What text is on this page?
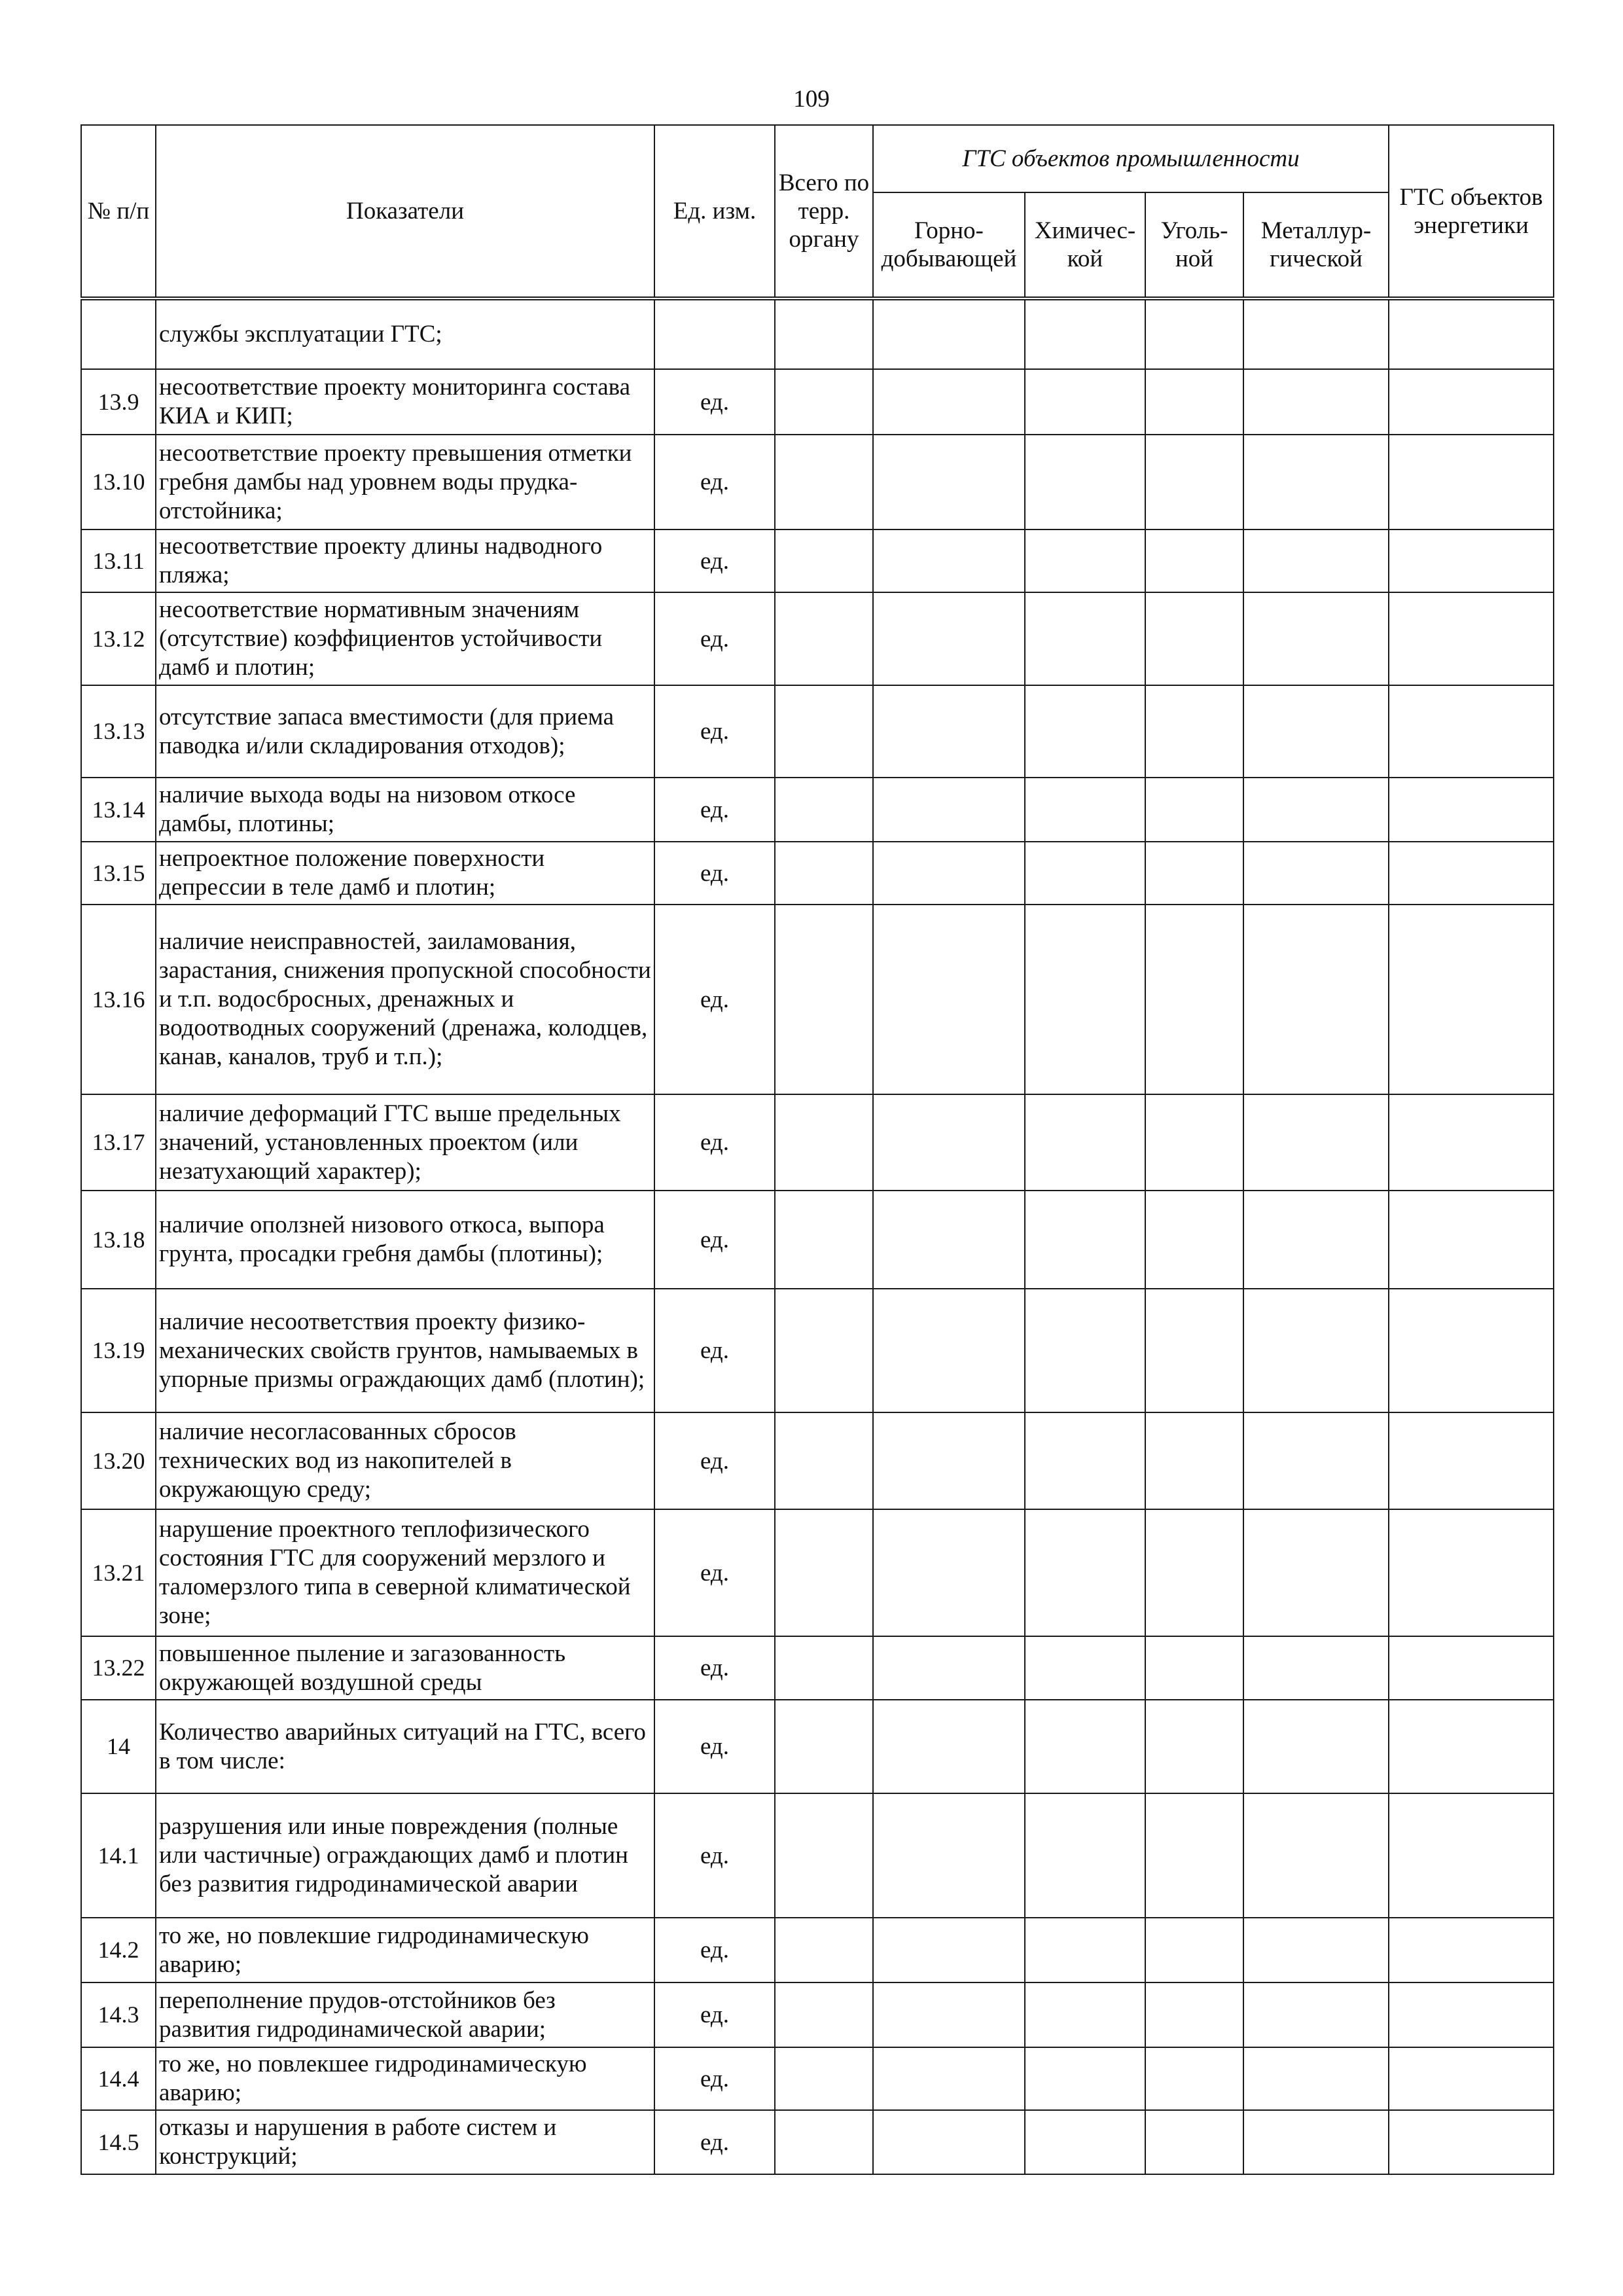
109
№ п/п	Показатели	Ед. изм.	Всего по терр. органу	ГТС объектов промышленности				ГТС объектов энергетики
				Горно-добывающей	Химичес-кой	Уголь-ной	Металлур-гической	
	службы эксплуатации ГТС;							
13.9	несоответствие проекту мониторинга состава КИА и КИП;	ед.						
13.10	несоответствие проекту превышения отметки гребня дамбы над уровнем воды прудка-отстойника;	ед.						
13.11	несоответствие проекту длины надводного пляжа;	ед.						
13.12	несоответствие нормативным значениям (отсутствие) коэффициентов устойчивости дамб и плотин;	ед.						
13.13	отсутствие запаса вместимости (для приема паводка и/или складирования отходов);	ед.						
13.14	наличие выхода воды на низовом откосе дамбы, плотины;	ед.						
13.15	непроектное положение поверхности депрессии в теле дамб и плотин;	ед.						
13.16	наличие неисправностей, заиламования, зарастания, снижения пропускной способности и т.п. водосбросных, дренажных и водоотводных сооружений (дренажа, колодцев, канав, каналов, труб и т.п.);	ед.						
13.17	наличие деформаций ГТС выше предельных значений, установленных проектом (или незатухающий характер);	ед.						
13.18	наличие оползней низового откоса, выпора грунта, просадки гребня дамбы (плотины);	ед.						
13.19	наличие несоответствия проекту физико-механических свойств грунтов, намываемых в упорные призмы ограждающих дамб (плотин);	ед.						
13.20	наличие несогласованных сбросов технических вод из накопителей в окружающую среду;	ед.						
13.21	нарушение проектного теплофизического состояния ГТС для сооружений мерзлого и таломерзлого типа в северной климатической зоне;	ед.						
13.22	повышенное пыление и загазованность окружающей воздушной среды	ед.						
14	Количество аварийных ситуаций на ГТС, всего в том числе:	ед.						
14.1	разрушения или иные повреждения (полные или частичные) ограждающих дамб и плотин без развития гидродинамической аварии	ед.						
14.2	то же, но повлекшие гидродинамическую аварию;	ед.						
14.3	переполнение прудов-отстойников без развития гидродинамической аварии;	ед.						
14.4	то же, но повлекшее гидродинамическую аварию;	ед.						
14.5	отказы и нарушения в работе систем и конструкций;	ед.						
